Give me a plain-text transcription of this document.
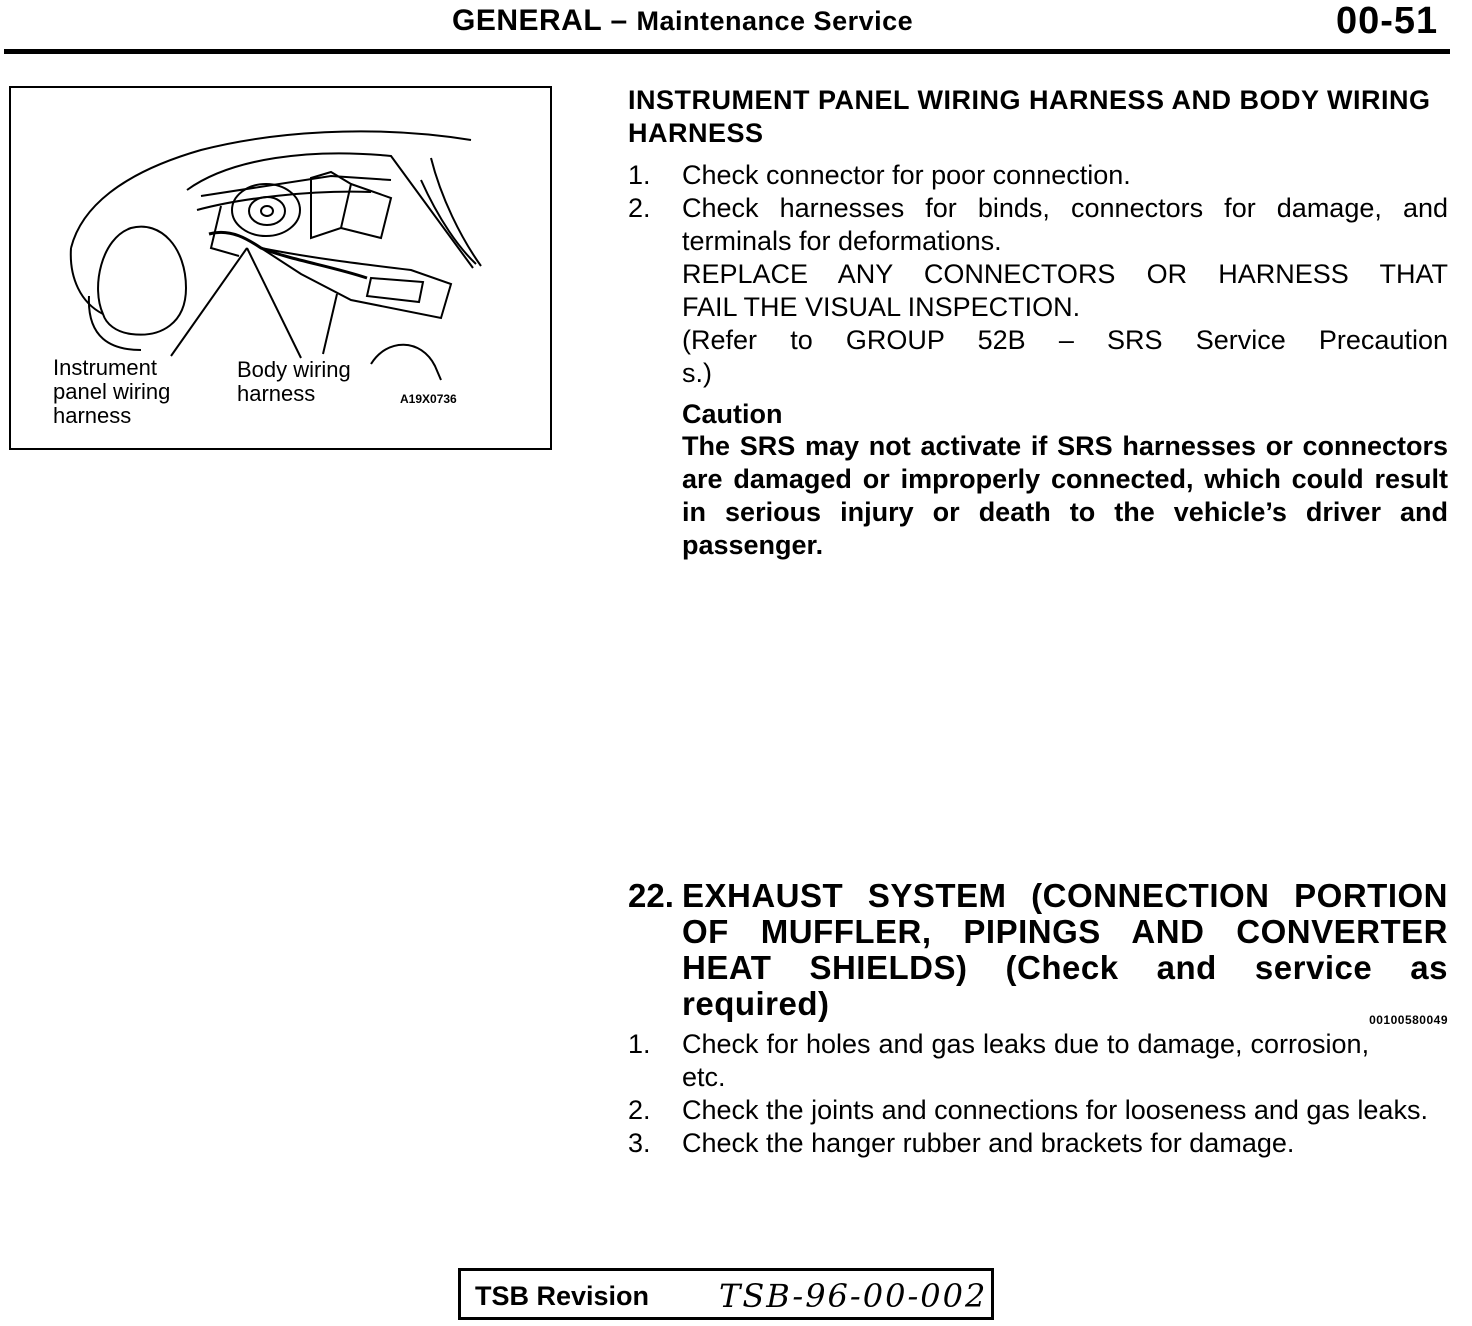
GENERAL – Maintenance Service	00-51
Instrument
panel wiring
harness
Body wiring
harness	A19X0736
INSTRUMENT PANEL WIRING HARNESS AND BODY WIRING HARNESS
1. Check connector for poor connection.
2. Check harnesses for binds, connectors for damage, and terminals for deformations.
REPLACE ANY CONNECTORS OR HARNESS THAT
FAIL THE VISUAL INSPECTION.
(Refer to GROUP 52B – SRS Service Precaution
s.)
Caution
The SRS may not activate if SRS harnesses or connectors are damaged or improperly connected, which could result in serious injury or death to the vehicle’s driver and passenger.
22. EXHAUST SYSTEM (CONNECTION PORTION OF MUFFLER, PIPINGS AND CONVERTER HEAT SHIELDS) (Check and service as required)	00100580049
1. Check for holes and gas leaks due to damage, corrosion, etc.
2. Check the joints and connections for looseness and gas leaks.
3. Check the hanger rubber and brackets for damage.
TSB Revision TSB-96-00-002
